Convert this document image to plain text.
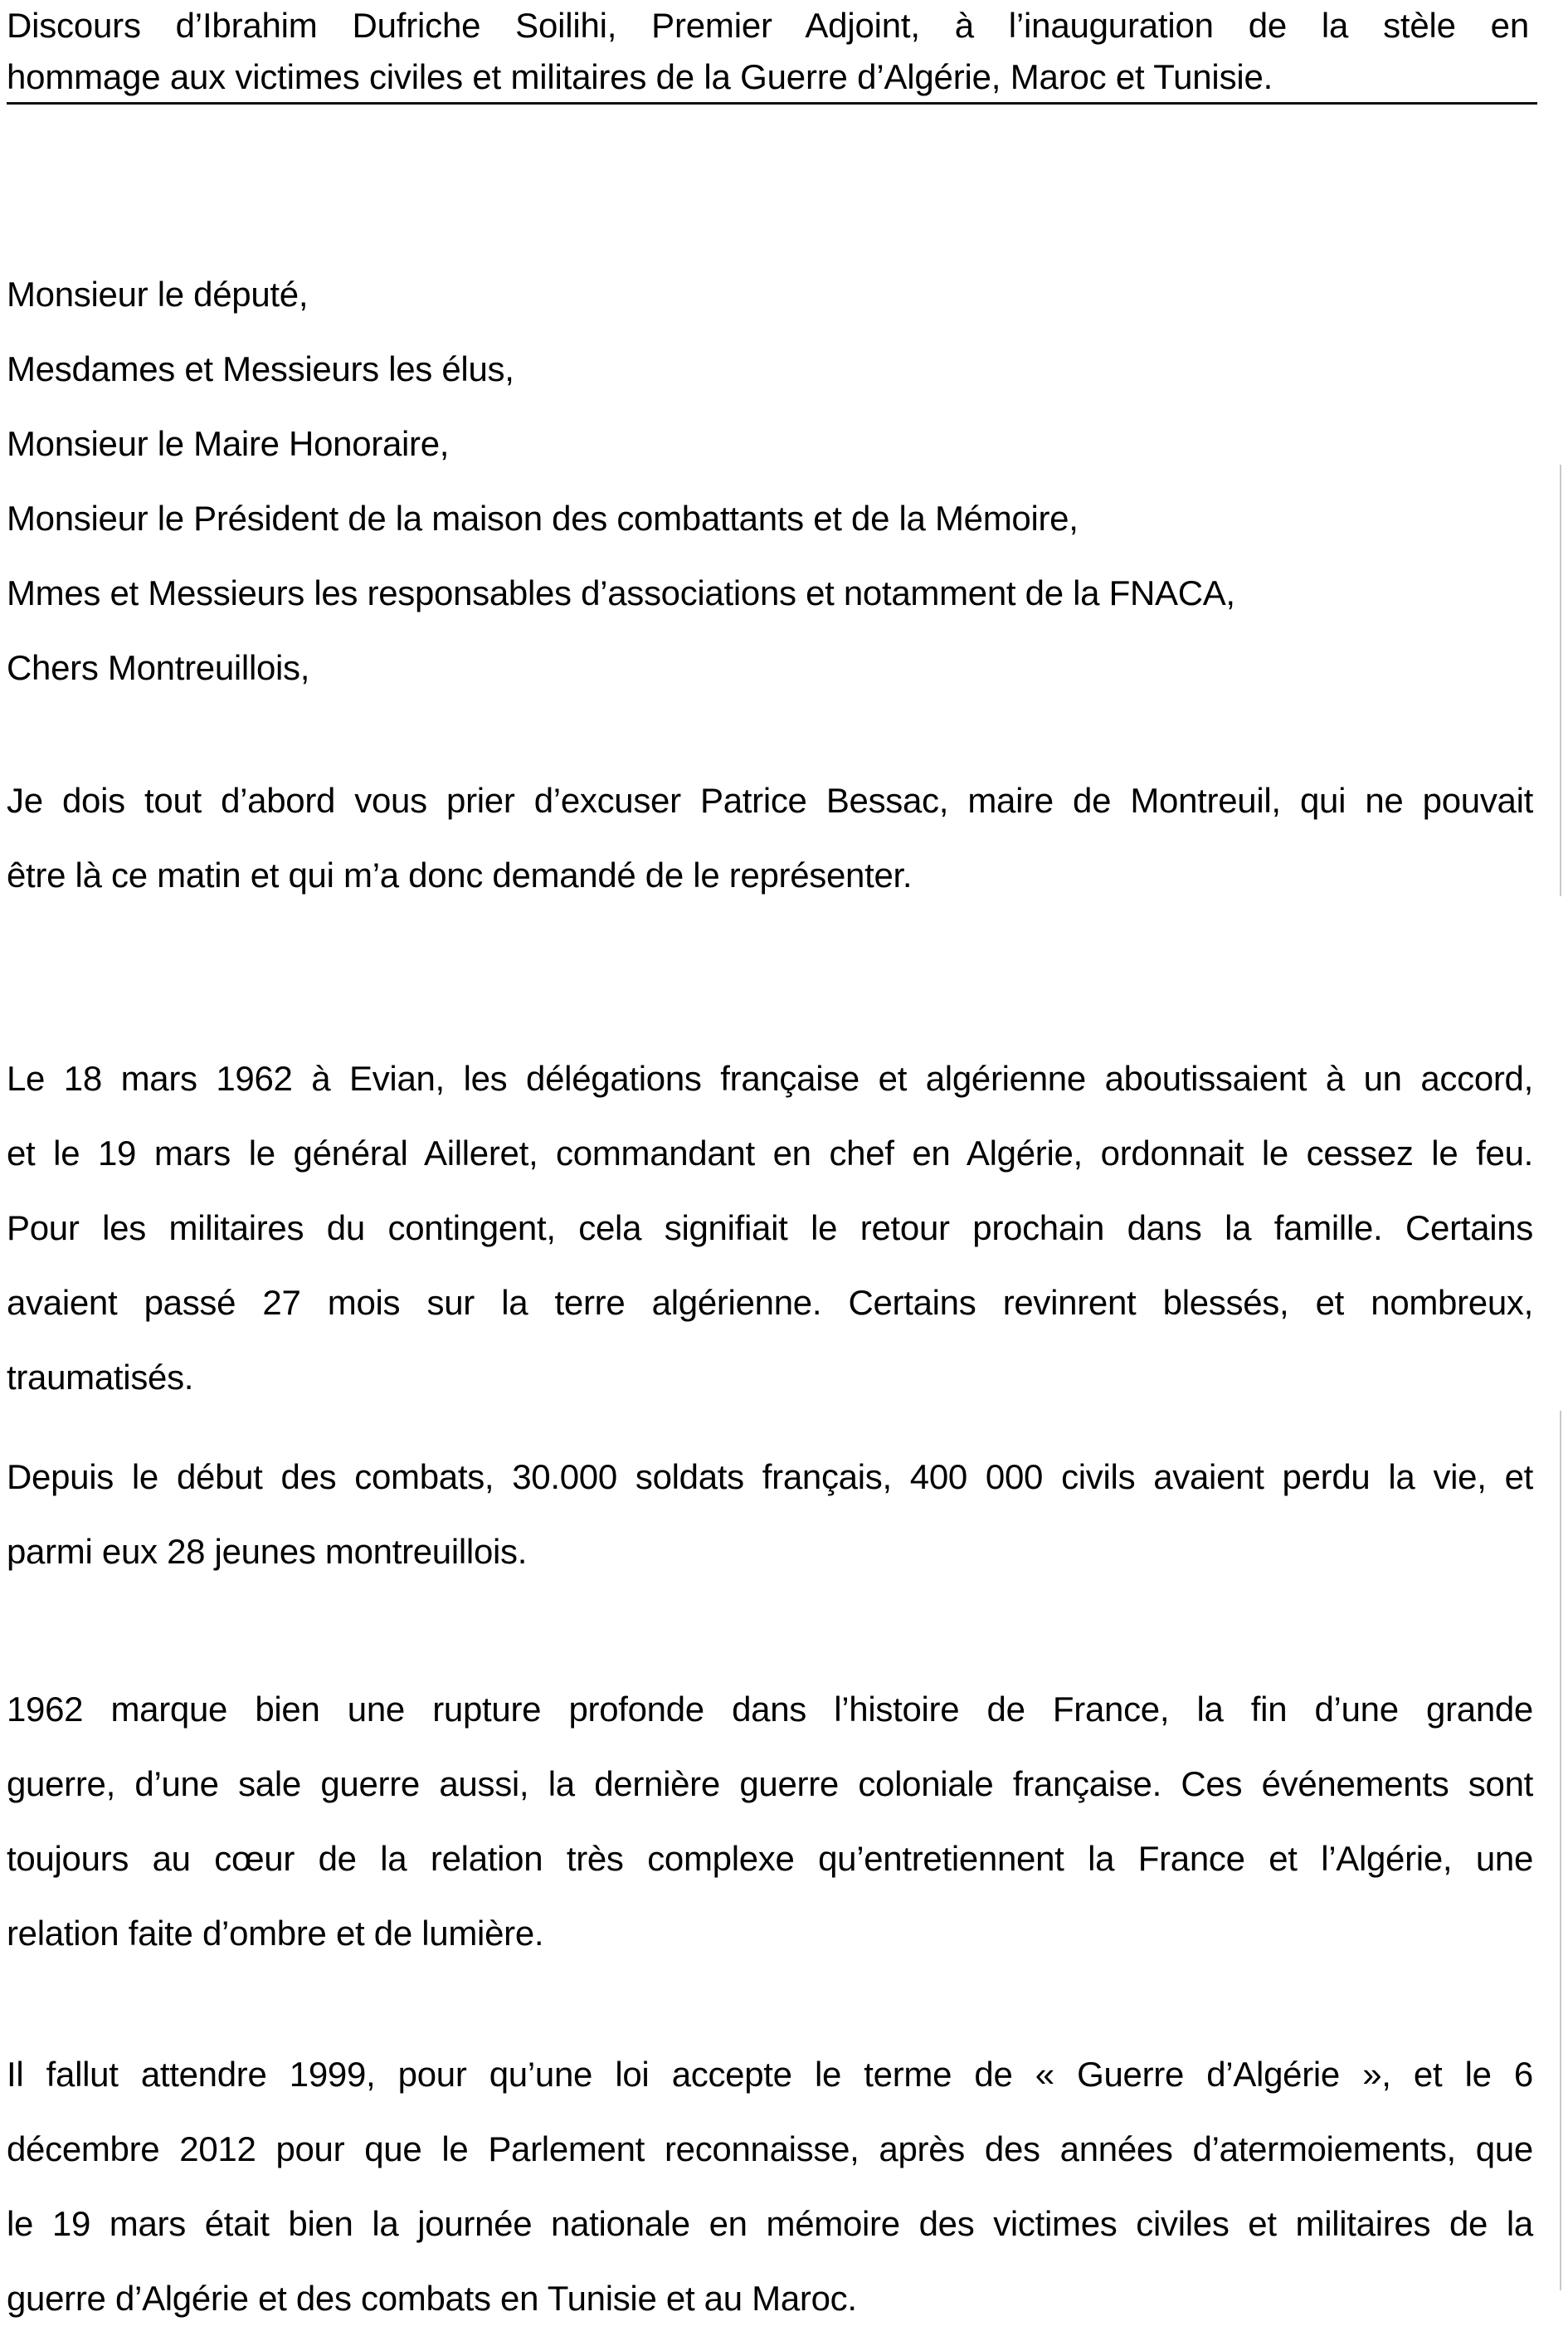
Discours d’Ibrahim Dufriche Soilihi, Premier Adjoint, à l’inauguration de la stèle en

hommage aux victimes civiles et militaires de la Guerre d’Algérie, Maroc et Tunisie.

Monsieur le député,
Mesdames et Messieurs les élus,
Monsieur le Maire Honoraire,
Monsieur le Président de la maison des combattants et de la Mémoire,
Mmes et Messieurs les responsables d’associations et notamment de la FNACA,
Chers Montreuillois,
Je dois tout d’abord vous prier d’excuser Patrice Bessac, maire de Montreuil, qui ne pouvait
être là ce matin et qui m’a donc demandé de le représenter.
Le 18 mars 1962 à Evian, les délégations française et algérienne aboutissaient à un accord,
et le 19 mars le général Ailleret, commandant en chef en Algérie, ordonnait le cessez le feu.
Pour les militaires du contingent, cela signifiait le retour prochain dans la famille. Certains
avaient passé 27 mois sur la terre algérienne. Certains revinrent blessés, et nombreux,
traumatisés.
Depuis le début des combats, 30.000 soldats français, 400 000 civils avaient perdu la vie, et
parmi eux 28 jeunes montreuillois.
1962 marque bien une rupture profonde dans l’histoire de France, la fin d’une grande
guerre, d’une sale guerre aussi, la dernière guerre coloniale française. Ces événements sont
toujours au cœur de la relation très complexe qu’entretiennent la France et l’Algérie, une
relation faite d’ombre et de lumière.
Il fallut attendre 1999, pour qu’une loi accepte le terme de « Guerre d’Algérie », et le 6
décembre 2012 pour que le Parlement reconnaisse, après des années d’atermoiements, que
le 19 mars était bien la journée nationale en mémoire des victimes civiles et militaires de la
guerre d’Algérie et des combats en Tunisie et au Maroc.
